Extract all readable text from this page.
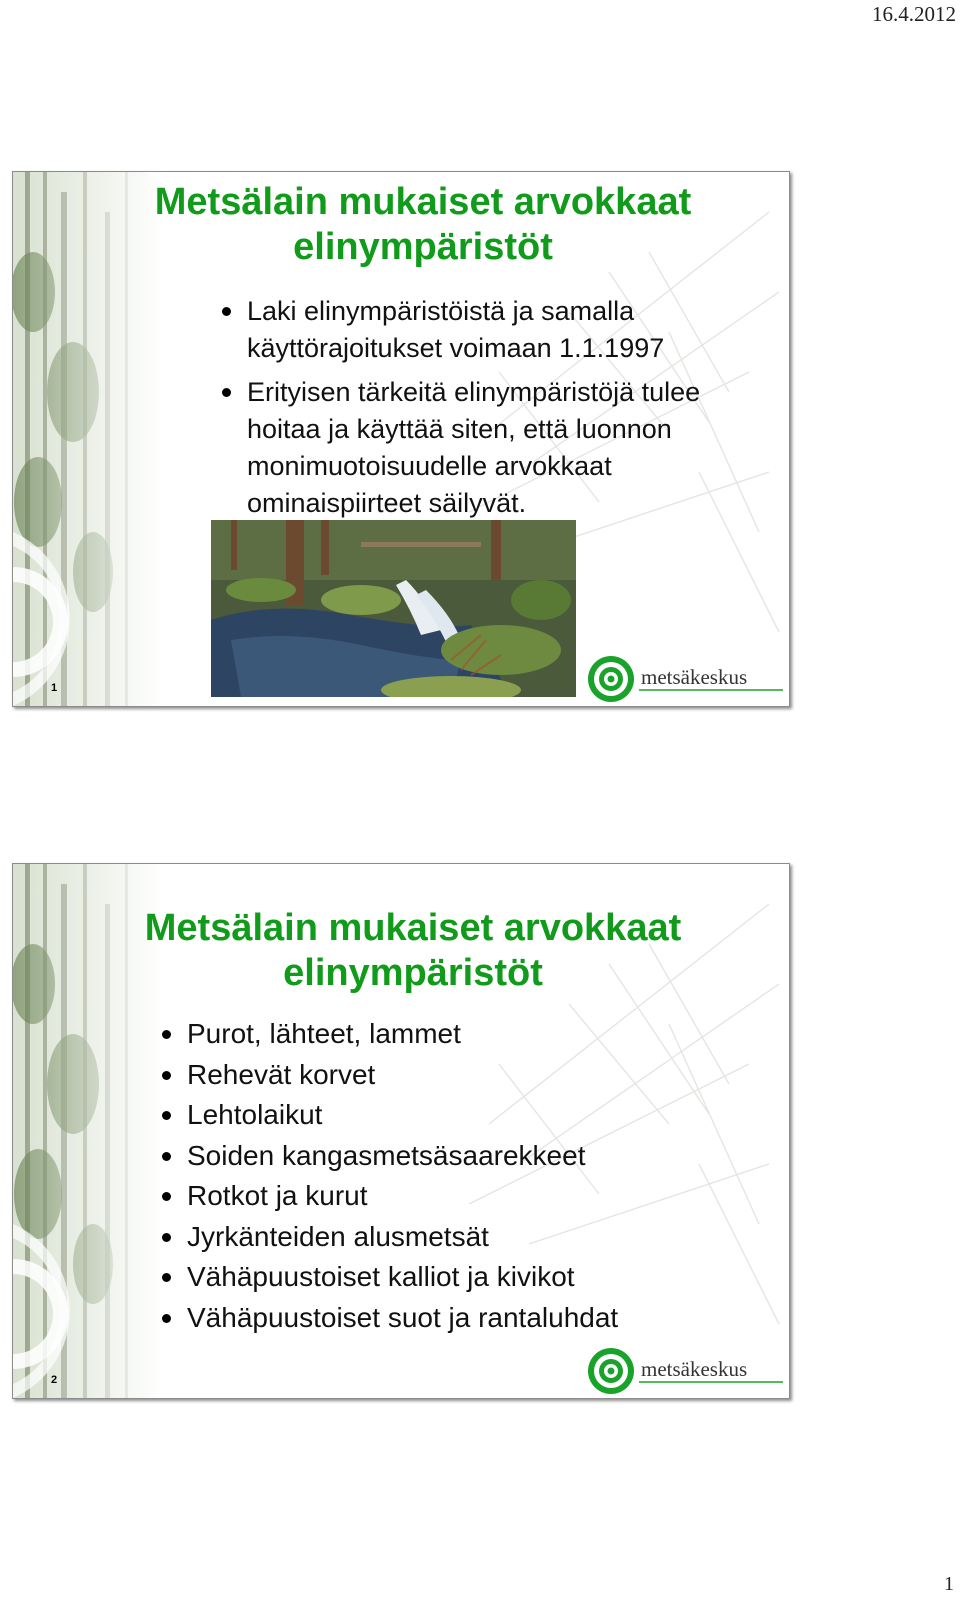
16.4.2012
Metsälain mukaiset arvokkaat
elinympäristöt
Laki elinympäristöistä ja samalla
käyttörajoitukset voimaan 1.1.1997
Erityisen tärkeitä elinympäristöjä tulee
hoitaa ja käyttää siten, että luonnon
monimuotoisuudelle arvokkaat
ominaispiirteet säilyvät.
metsäkeskus
1
Metsälain mukaiset arvokkaat
elinympäristöt
Purot, lähteet, lammet
Rehevät korvet
Lehtolaikut
Soiden kangasmetsäsaarekkeet
Rotkot ja kurut
Jyrkänteiden alusmetsät
Vähäpuustoiset kalliot ja kivikot
Vähäpuustoiset suot ja rantaluhdat
metsäkeskus
2
1
